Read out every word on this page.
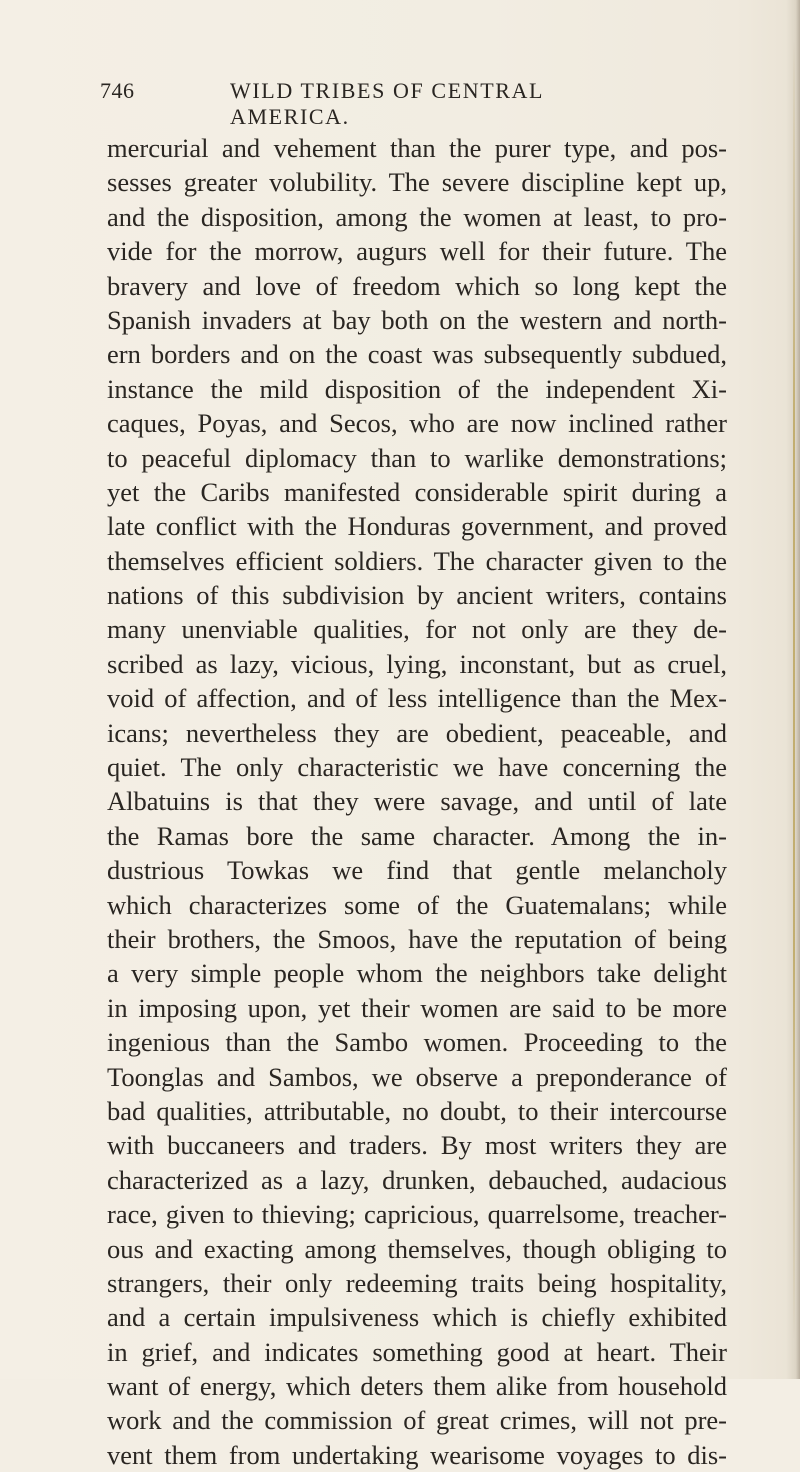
746	WILD TRIBES OF CENTRAL AMERICA.
mercurial and vehement than the purer type, and pos-
sesses greater volubility. The severe discipline kept up,
and the disposition, among the women at least, to pro-
vide for the morrow, augurs well for their future. The
bravery and love of freedom which so long kept the
Spanish invaders at bay both on the western and north-
ern borders and on the coast was subsequently subdued,
instance the mild disposition of the independent Xi-
caques, Poyas, and Secos, who are now inclined rather
to peaceful diplomacy than to warlike demonstrations;
yet the Caribs manifested considerable spirit during a
late conflict with the Honduras government, and proved
themselves efficient soldiers. The character given to the
nations of this subdivision by ancient writers, contains
many unenviable qualities, for not only are they de-
scribed as lazy, vicious, lying, inconstant, but as cruel,
void of affection, and of less intelligence than the Mex-
icans; nevertheless they are obedient, peaceable, and
quiet. The only characteristic we have concerning the
Albatuins is that they were savage, and until of late
the Ramas bore the same character. Among the in-
dustrious Towkas we find that gentle melancholy
which characterizes some of the Guatemalans; while
their brothers, the Smoos, have the reputation of being
a very simple people whom the neighbors take delight
in imposing upon, yet their women are said to be more
ingenious than the Sambo women. Proceeding to the
Toonglas and Sambos, we observe a preponderance of
bad qualities, attributable, no doubt, to their intercourse
with buccaneers and traders. By most writers they are
characterized as a lazy, drunken, debauched, audacious
race, given to thieving; capricious, quarrelsome, treacher-
ous and exacting among themselves, though obliging to
strangers, their only redeeming traits being hospitality,
and a certain impulsiveness which is chiefly exhibited
in grief, and indicates something good at heart. Their
want of energy, which deters them alike from household
work and the commission of great crimes, will not pre-
vent them from undertaking wearisome voyages to dis-
